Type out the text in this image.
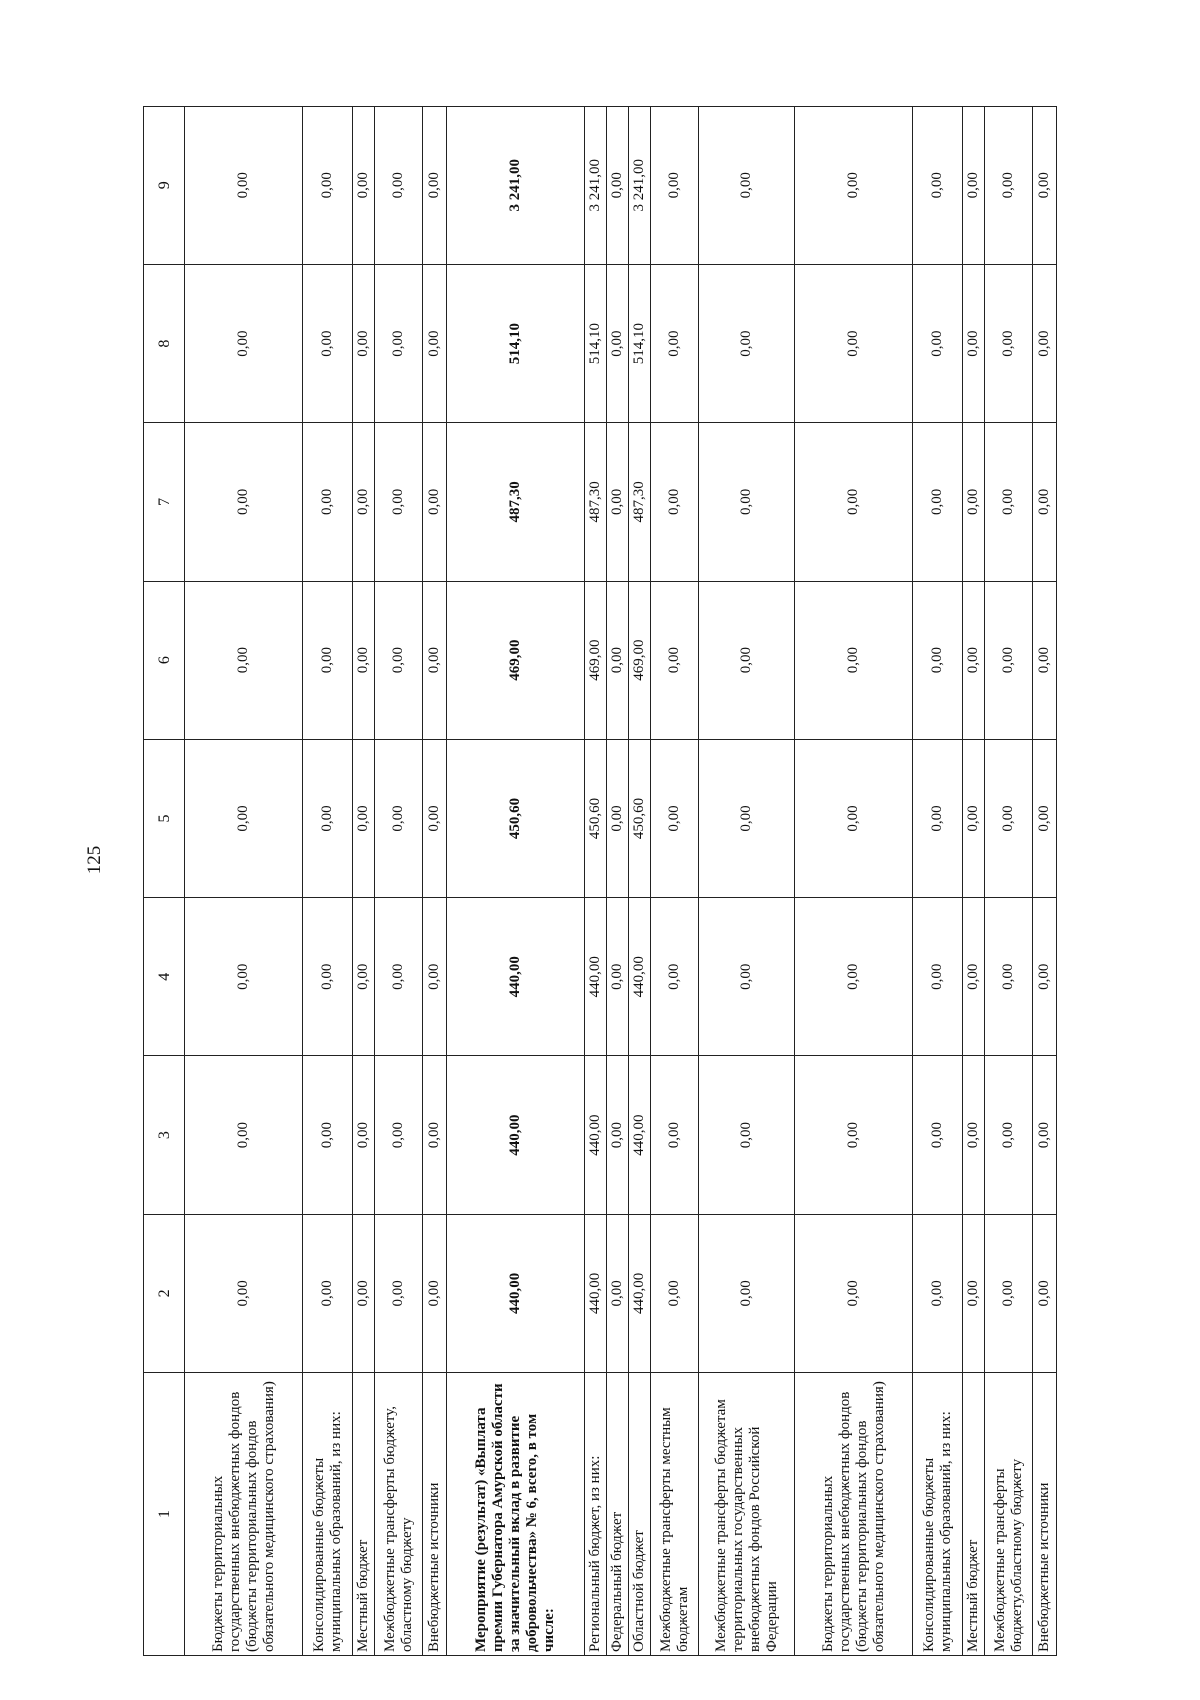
125
1	2	3	4	5	6	7	8	9
Бюджеты территориальных государственных внебюджетных фондов (бюджеты территориальных фондов обязательного медицинского страхования)	0,00	0,00	0,00	0,00	0,00	0,00	0,00	0,00
Консолидированные бюджеты муниципальных образований, из них:	0,00	0,00	0,00	0,00	0,00	0,00	0,00	0,00
Местный бюджет	0,00	0,00	0,00	0,00	0,00	0,00	0,00	0,00
Межбюджетные трансферты бюджету, областному бюджету	0,00	0,00	0,00	0,00	0,00	0,00	0,00	0,00
Внебюджетные источники	0,00	0,00	0,00	0,00	0,00	0,00	0,00	0,00
Мероприятие (результат) «Выплата премии Губернатора Амурской области за значительный вклад в развитие добровольчества» № 6, всего, в том числе:	440,00	440,00	440,00	450,60	469,00	487,30	514,10	3 241,00
Региональный бюджет, из них:	440,00	440,00	440,00	450,60	469,00	487,30	514,10	3 241,00
Федеральный бюджет	0,00	0,00	0,00	0,00	0,00	0,00	0,00	0,00
Областной бюджет	440,00	440,00	440,00	450,60	469,00	487,30	514,10	3 241,00
Межбюджетные трансферты местным бюджетам	0,00	0,00	0,00	0,00	0,00	0,00	0,00	0,00
Межбюджетные трансферты бюджетам территориальных государственных внебюджетных фондов Российской Федерации	0,00	0,00	0,00	0,00	0,00	0,00	0,00	0,00
Бюджеты территориальных государственных внебюджетных фондов (бюджеты территориальных фондов обязательного медицинского страхования)	0,00	0,00	0,00	0,00	0,00	0,00	0,00	0,00
Консолидированные бюджеты муниципальных образований, из них:	0,00	0,00	0,00	0,00	0,00	0,00	0,00	0,00
Местный бюджет	0,00	0,00	0,00	0,00	0,00	0,00	0,00	0,00
Межбюджетные трансферты бюджету,областному бюджету	0,00	0,00	0,00	0,00	0,00	0,00	0,00	0,00
Внебюджетные источники	0,00	0,00	0,00	0,00	0,00	0,00	0,00	0,00
